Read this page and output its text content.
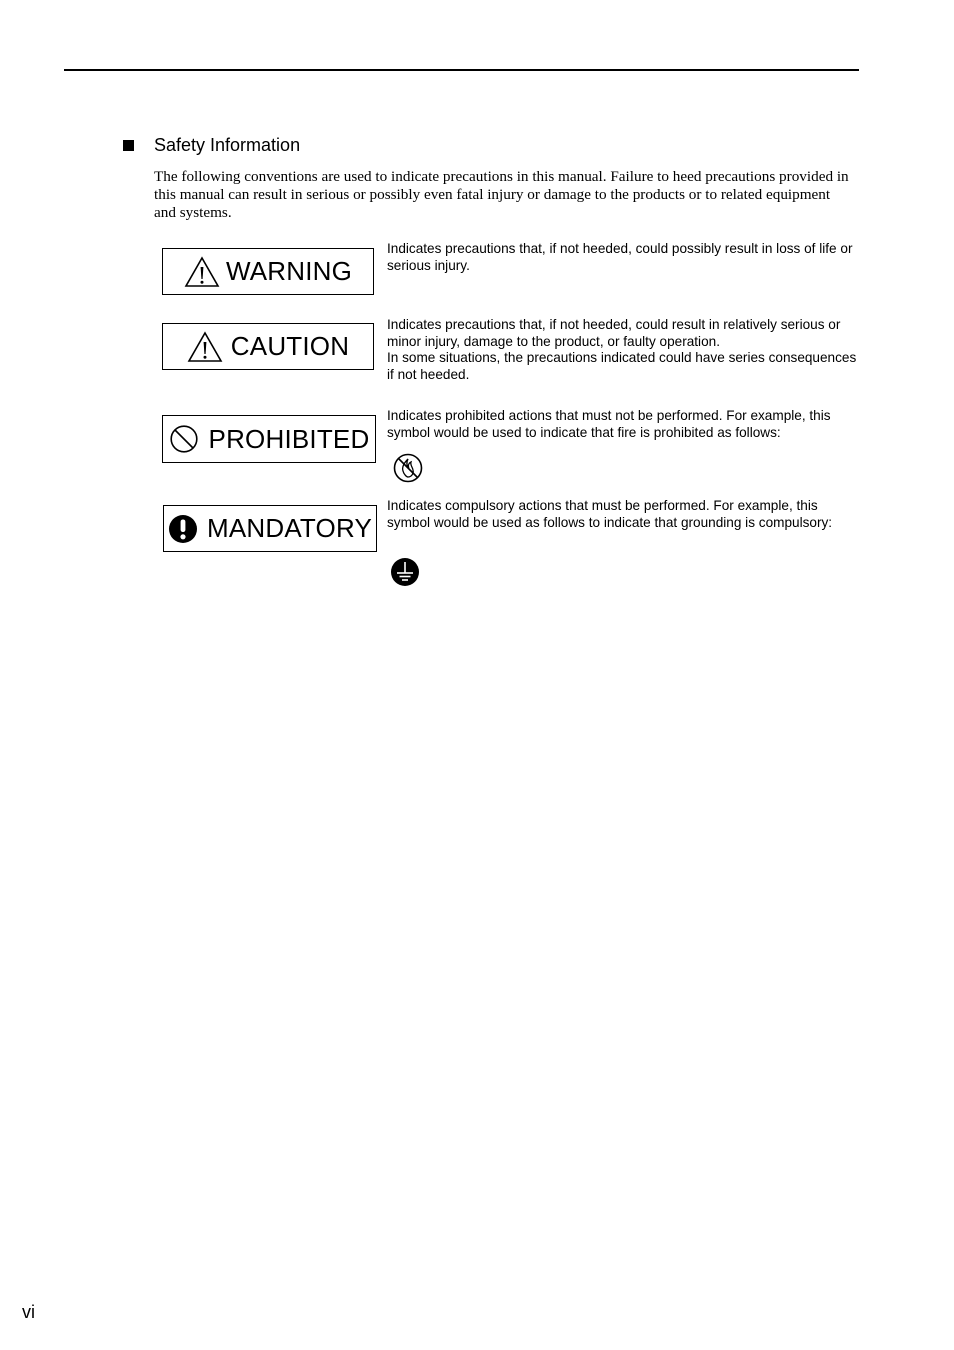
Safety Information
The following conventions are used to indicate precautions in this manual. Failure to heed precautions provided in this manual can result in serious or possibly even fatal injury or damage to the products or to related equipment and systems.
WARNING

Indicates precautions that, if not heeded, could possibly result in loss of life or serious injury.

CAUTION

Indicates precautions that, if not heeded, could result in relatively serious or minor injury, damage to the product, or faulty operation.

In some situations, the precautions indicated could have series consequences if not heeded.

PROHIBITED

Indicates prohibited actions that must not be performed. For example, this symbol would be used to indicate that fire is prohibited as follows:

MANDATORY

Indicates compulsory actions that must be performed. For example, this symbol would be used as follows to indicate that grounding is compulsory:

vi
